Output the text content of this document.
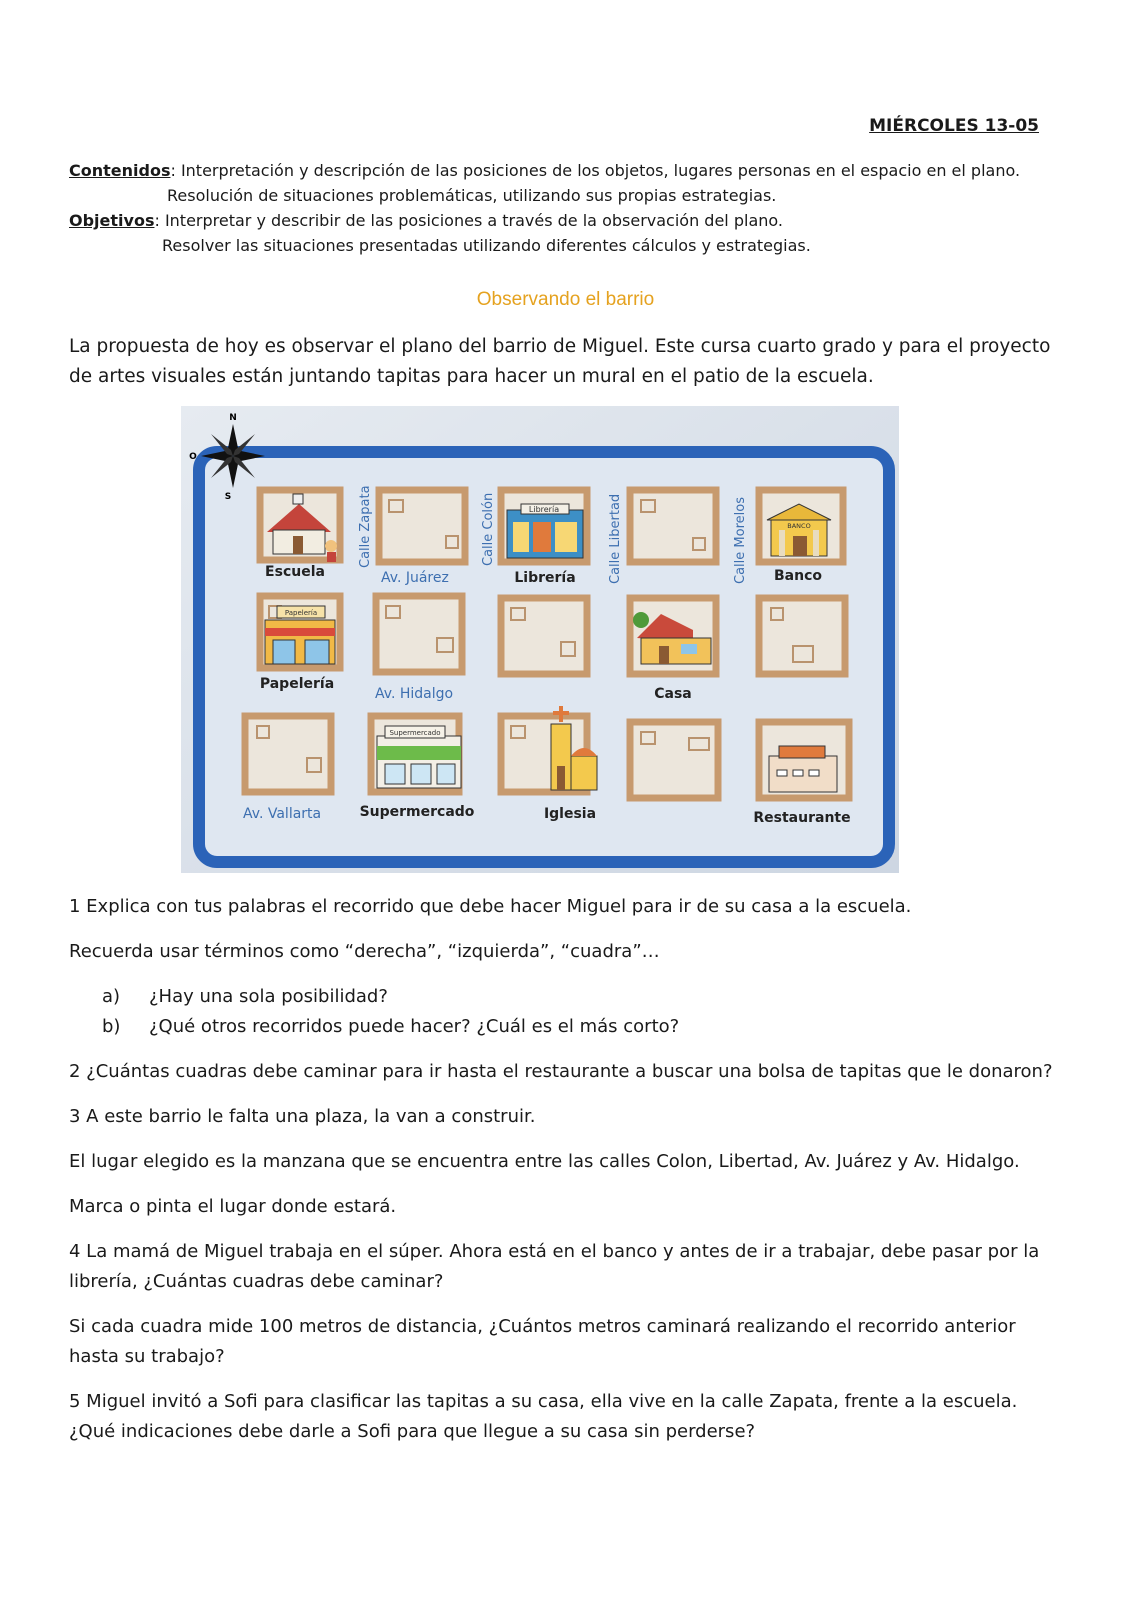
MIÉRCOLES 13-05
Contenidos: Interpretación y descripción de las posiciones de los objetos, lugares personas en el espacio en el plano.
Resolución de situaciones problemáticas, utilizando sus propias estrategias.
Objetivos: Interpretar y describir de las posiciones a través de la observación del plano.
Resolver las situaciones presentadas utilizando diferentes cálculos y estrategias.
Observando el barrio
La propuesta de hoy es observar el plano del barrio de Miguel. Este cursa cuarto grado y para el proyecto de artes visuales están juntando tapitas para hacer un mural en el patio de la escuela.
N
O
S
Librería
BANCO
Papelería
Supermercado
Calle Zapata	Calle Colón	Calle Libertad	Calle Morelos
Av. Juárez
Av. Hidalgo
Av. Vallarta
Escuela	Librería	Banco
Papelería
Casa
Supermercado	Iglesia	Restaurante

1 Explica con tus palabras el recorrido que debe hacer Miguel para ir de su casa a la escuela.

Recuerda usar términos como “derecha”, “izquierda”, “cuadra”…

a)	¿Hay una sola posibilidad?
b)	¿Qué otros recorridos puede hacer? ¿Cuál es el más corto?

2 ¿Cuántas cuadras debe caminar para ir hasta el restaurante a buscar una bolsa de tapitas que le donaron?

3 A este barrio le falta una plaza, la van a construir.

El lugar elegido es la manzana que se encuentra entre las calles Colon, Libertad, Av. Juárez y Av. Hidalgo.

Marca o pinta el lugar donde estará.

4 La mamá de Miguel trabaja en el súper. Ahora está en el banco y antes de ir a trabajar, debe pasar por la librería, ¿Cuántas cuadras debe caminar?

Si cada cuadra mide 100 metros de distancia, ¿Cuántos metros caminará realizando el recorrido anterior hasta su trabajo?

5 Miguel invitó a Sofi para clasificar las tapitas a su casa, ella vive en la calle Zapata, frente a la escuela. ¿Qué indicaciones debe darle a Sofi para que llegue a su casa sin perderse?
